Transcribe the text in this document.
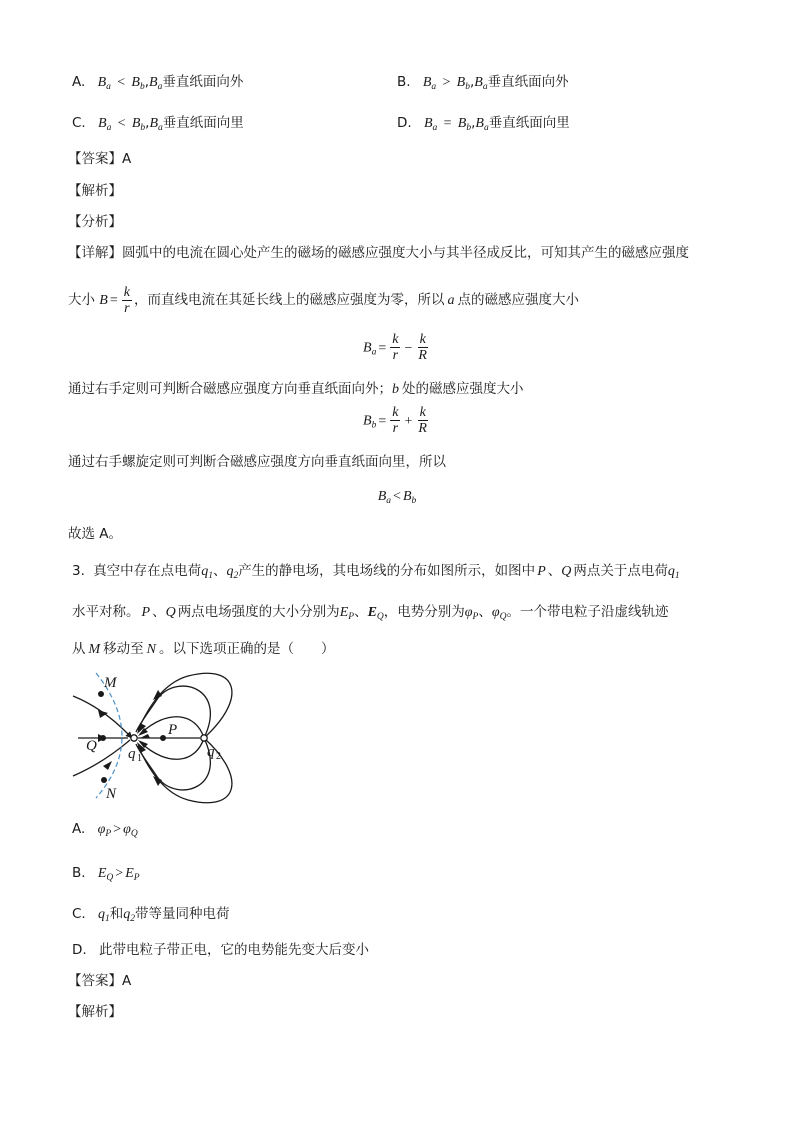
A. $B_a < B_b,B_a$垂直纸面向外	B. $B_a > B_b,B_a$垂直纸面向外
C. $B_a < B_b,B_a$垂直纸面向里	D. $B_a = B_b,B_a$垂直纸面向里
【答案】A
【解析】
【分析】
【详解】圆弧中的电流在圆心处产生的磁场的磁感应强度大小与其半径成反比，可知其产生的磁感应强度
大小 $B = \frac{k}{r}$ ，而直线电流在其延长线上的磁感应强度为零，所以 a 点的磁感应强度大小
$B_a = \frac{k}{r} - \frac{k}{R}$
通过右手定则可判断合磁感应强度方向垂直纸面向外；b 处的磁感应强度大小
$B_b = \frac{k}{r} + \frac{k}{R}$
通过右手螺旋定则可判断合磁感应强度方向垂直纸面向里，所以
$B_a < B_b$
故选 A。
3. 真空中存在点电荷$q_1$、$q_2$产生的静电场，其电场线的分布如图所示，如图中 P 、Q 两点关于点电荷$q_1$
水平对称。 P 、Q 两点电场强度的大小分别为$E_P$、$E_Q$，电势分别为$\varphi_P$、$\varphi_Q$。一个带电粒子沿虚线轨迹
从 M 移动至 N 。以下选项正确的是（　　）
M
Q
P
N
q	q
1	2
A. $\varphi_P > \varphi_Q$
B. $E_Q > E_P$
C. $q_1$和$q_2$带等量同种电荷
D. 此带电粒子带正电，它的电势能先变大后变小
【答案】A
【解析】
